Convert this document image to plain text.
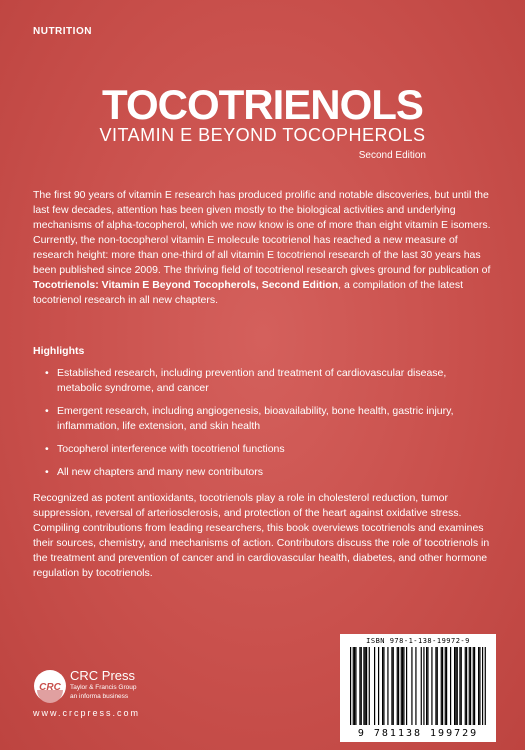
NUTRITION
TOCOTRIENOLS
VITAMIN E BEYOND TOCOPHEROLS
Second Edition

The first 90 years of vitamin E research has produced prolific and notable discoveries, but until the last few decades, attention has been given mostly to the biological activities and underlying mechanisms of alpha-tocopherol, which we now know is one of more than eight vitamin E isomers. Currently, the non-tocopherol vitamin E molecule tocotrienol has reached a new measure of research height: more than one-third of all vitamin E tocotrienol research of the last 30 years has been published since 2009. The thriving field of tocotrienol research gives ground for publication of Tocotrienols: Vitamin E Beyond Tocopherols, Second Edition, a compilation of the latest tocotrienol research in all new chapters.

Highlights
• Established research, including prevention and treatment of cardiovascular disease, metabolic syndrome, and cancer
• Emergent research, including angiogenesis, bioavailability, bone health, gastric injury, inflammation, life extension, and skin health
• Tocopherol interference with tocotrienol functions
• All new chapters and many new contributors

Recognized as potent antioxidants, tocotrienols play a role in cholesterol reduction, tumor suppression, reversal of arteriosclerosis, and protection of the heart against oxidative stress. Compiling contributions from leading researchers, this book overviews tocotrienols and examines their sources, chemistry, and mechanisms of action. Contributors discuss the role of tocotrienols in the treatment and prevention of cancer and in cardiovascular health, diabetes, and other hormone regulation by tocotrienols.

CRC
CRC Press
Taylor & Francis Group
an informa business
www.crcpress.com
ISBN 978-1-138-19972-9
9 781138 199729
